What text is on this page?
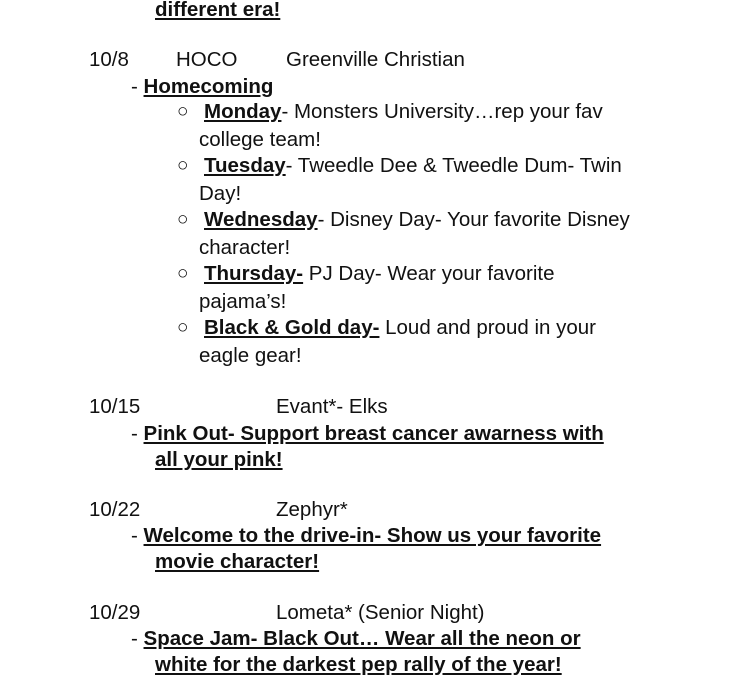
different era!
10/8 HOCO Greenville Christian
- Homecoming
○ Monday- Monsters University…rep your fav
college team!
○ Tuesday- Tweedle Dee & Tweedle Dum- Twin
Day!
○ Wednesday- Disney Day- Your favorite Disney
character!
○ Thursday- PJ Day- Wear your favorite
pajama’s!
○ Black & Gold day- Loud and proud in your
eagle gear!
10/15	Evant*- Elks
- Pink Out- Support breast cancer awarness with
all your pink!
10/22	Zephyr*
- Welcome to the drive-in- Show us your favorite
movie character!
10/29	Lometa* (Senior Night)
- Space Jam- Black Out… Wear all the neon or
white for the darkest pep rally of the year!
